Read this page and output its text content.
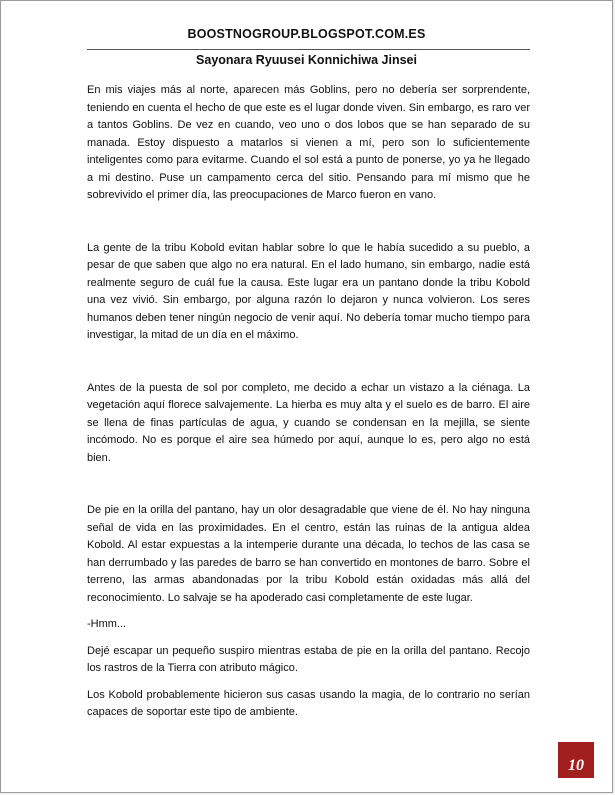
BOOSTNOGROUP.BLOGSPOT.COM.ES
Sayonara Ryuusei Konnichiwa Jinsei

En mis viajes más al norte, aparecen más Goblins, pero no debería ser sorprendente, teniendo en cuenta el hecho de que este es el lugar donde viven. Sin embargo, es raro ver a tantos Goblins. De vez en cuando, veo uno o dos lobos que se han separado de su manada. Estoy dispuesto a matarlos si vienen a mí, pero son lo suficientemente inteligentes como para evitarme. Cuando el sol está a punto de ponerse, yo ya he llegado a mi destino. Puse un campamento cerca del sitio. Pensando para mí mismo que he sobrevivido el primer día, las preocupaciones de Marco fueron en vano.

La gente de la tribu Kobold evitan hablar sobre lo que le había sucedido a su pueblo, a pesar de que saben que algo no era natural. En el lado humano, sin embargo, nadie está realmente seguro de cuál fue la causa. Este lugar era un pantano donde la tribu Kobold una vez vivió. Sin embargo, por alguna razón lo dejaron y nunca volvieron. Los seres humanos deben tener ningún negocio de venir aquí. No debería tomar mucho tiempo para investigar, la mitad de un día en el máximo.

Antes de la puesta de sol por completo, me decido a echar un vistazo a la ciénaga. La vegetación aquí florece salvajemente. La hierba es muy alta y el suelo es de barro. El aire se llena de finas partículas de agua, y cuando se condensan en la mejilla, se siente incómodo. No es porque el aire sea húmedo por aquí, aunque lo es, pero algo no está bien.

De pie en la orilla del pantano, hay un olor desagradable que viene de él. No hay ninguna señal de vida en las proximidades. En el centro, están las ruinas de la antigua aldea Kobold. Al estar expuestas a la intemperie durante una década, lo techos de las casa se han derrumbado y las paredes de barro se han convertido en montones de barro. Sobre el terreno, las armas abandonadas por la tribu Kobold están oxidadas más allá del reconocimiento. Lo salvaje se ha apoderado casi completamente de este lugar.

-Hmm...

Dejé escapar un pequeño suspiro mientras estaba de pie en la orilla del pantano. Recojo los rastros de la Tierra con atributo mágico.

Los Kobold probablemente hicieron sus casas usando la magia, de lo contrario no serían capaces de soportar este tipo de ambiente.

10
